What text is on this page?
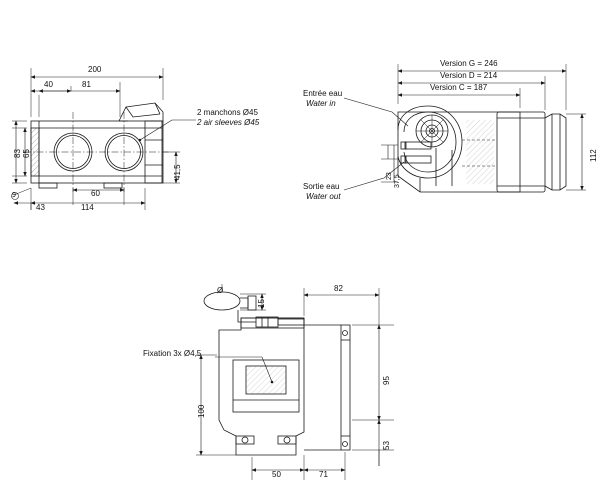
200
81
40
83 65
9
43	114
60
41,5
2 manchons Ø45
2 air sleeves Ø45
Version G = 246
Version D = 214
Version C = 187
112
23 37,5
Entrée eau
Water in
Sortie eau
Water out
82
15
Ø
95
53
100
50	71
Fixation 3x Ø4,5
